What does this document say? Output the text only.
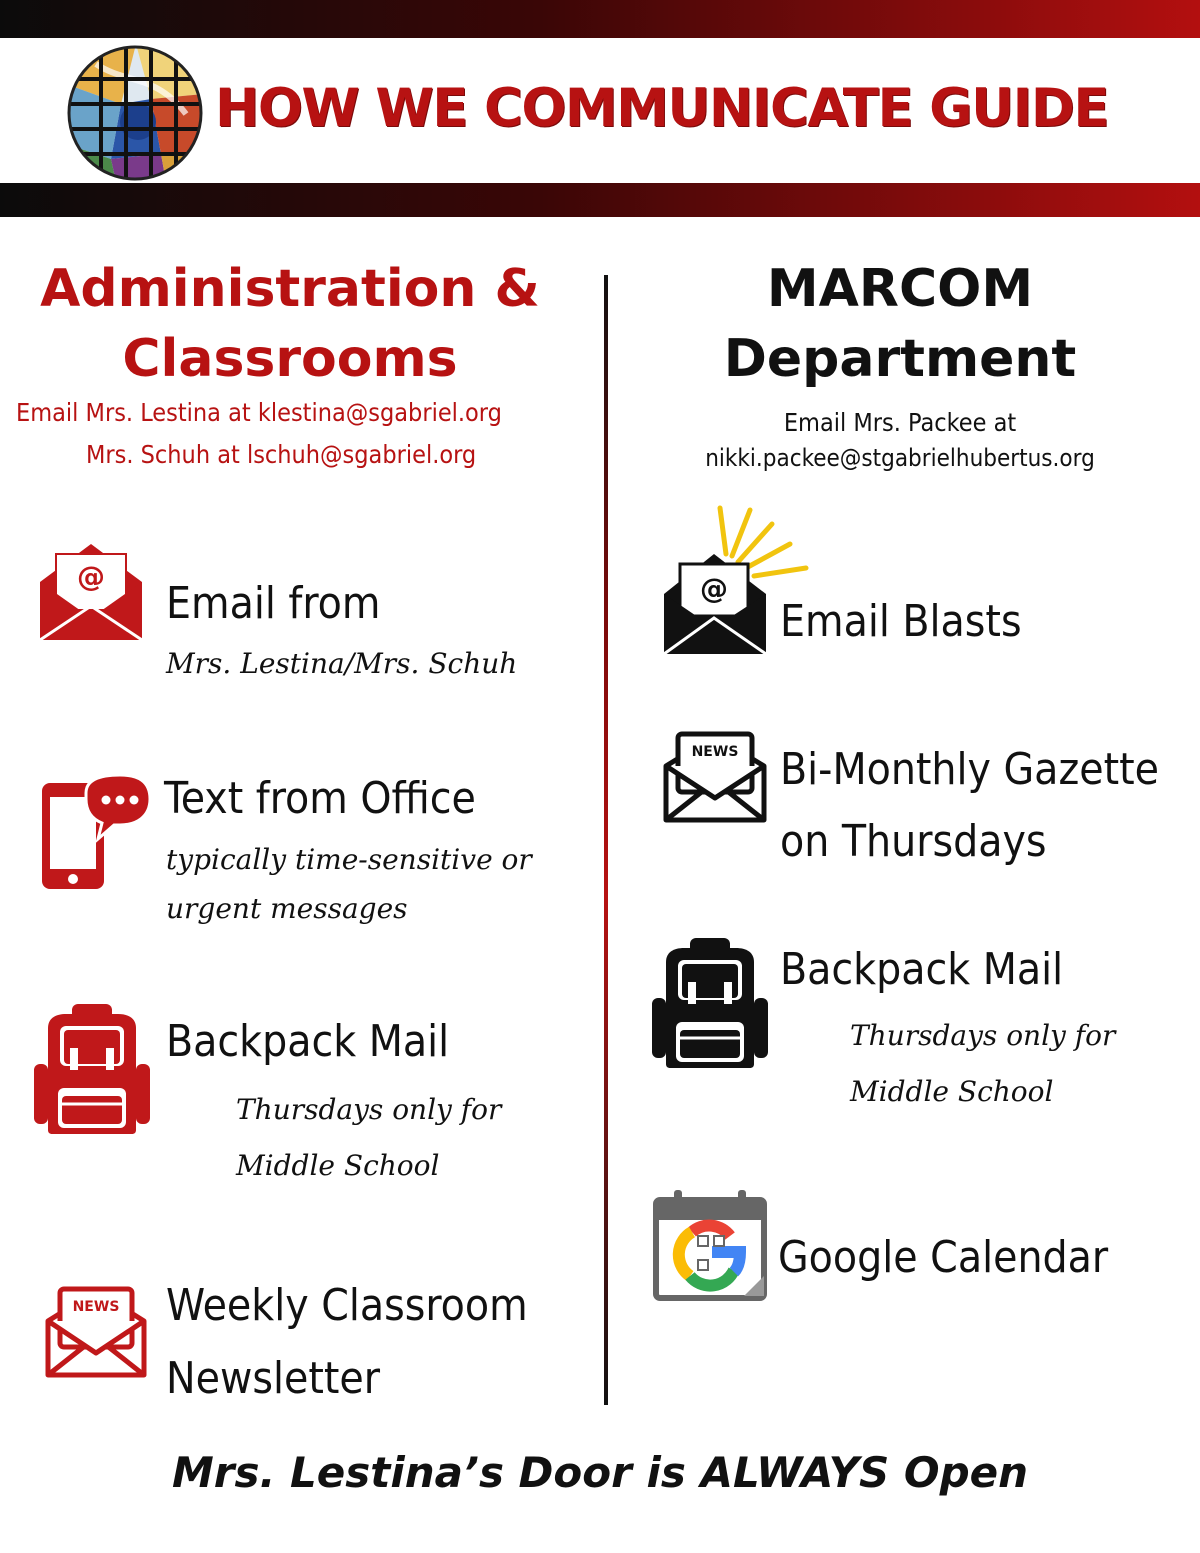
HOW WE COMMUNICATE GUIDE
Administration &
Classrooms
Email Mrs. Lestina at klestina@sgabriel.org
Mrs. Schuh at lschuh@sgabriel.org
MARCOM
Department
Email Mrs. Packee at
nikki.packee@stgabrielhubertus.org
@
Email from
Mrs. Lestina/Mrs. Schuh
Text from Office
typically time-sensitive or
urgent messages
Backpack Mail
Thursdays only for
Middle School
NEWS Weekly Classroom
Newsletter
@
Email Blasts
NEWS Bi-Monthly Gazette
on Thursdays
Backpack Mail
Thursdays only for
Middle School
Google Calendar
Mrs. Lestina’s Door is ALWAYS Open
